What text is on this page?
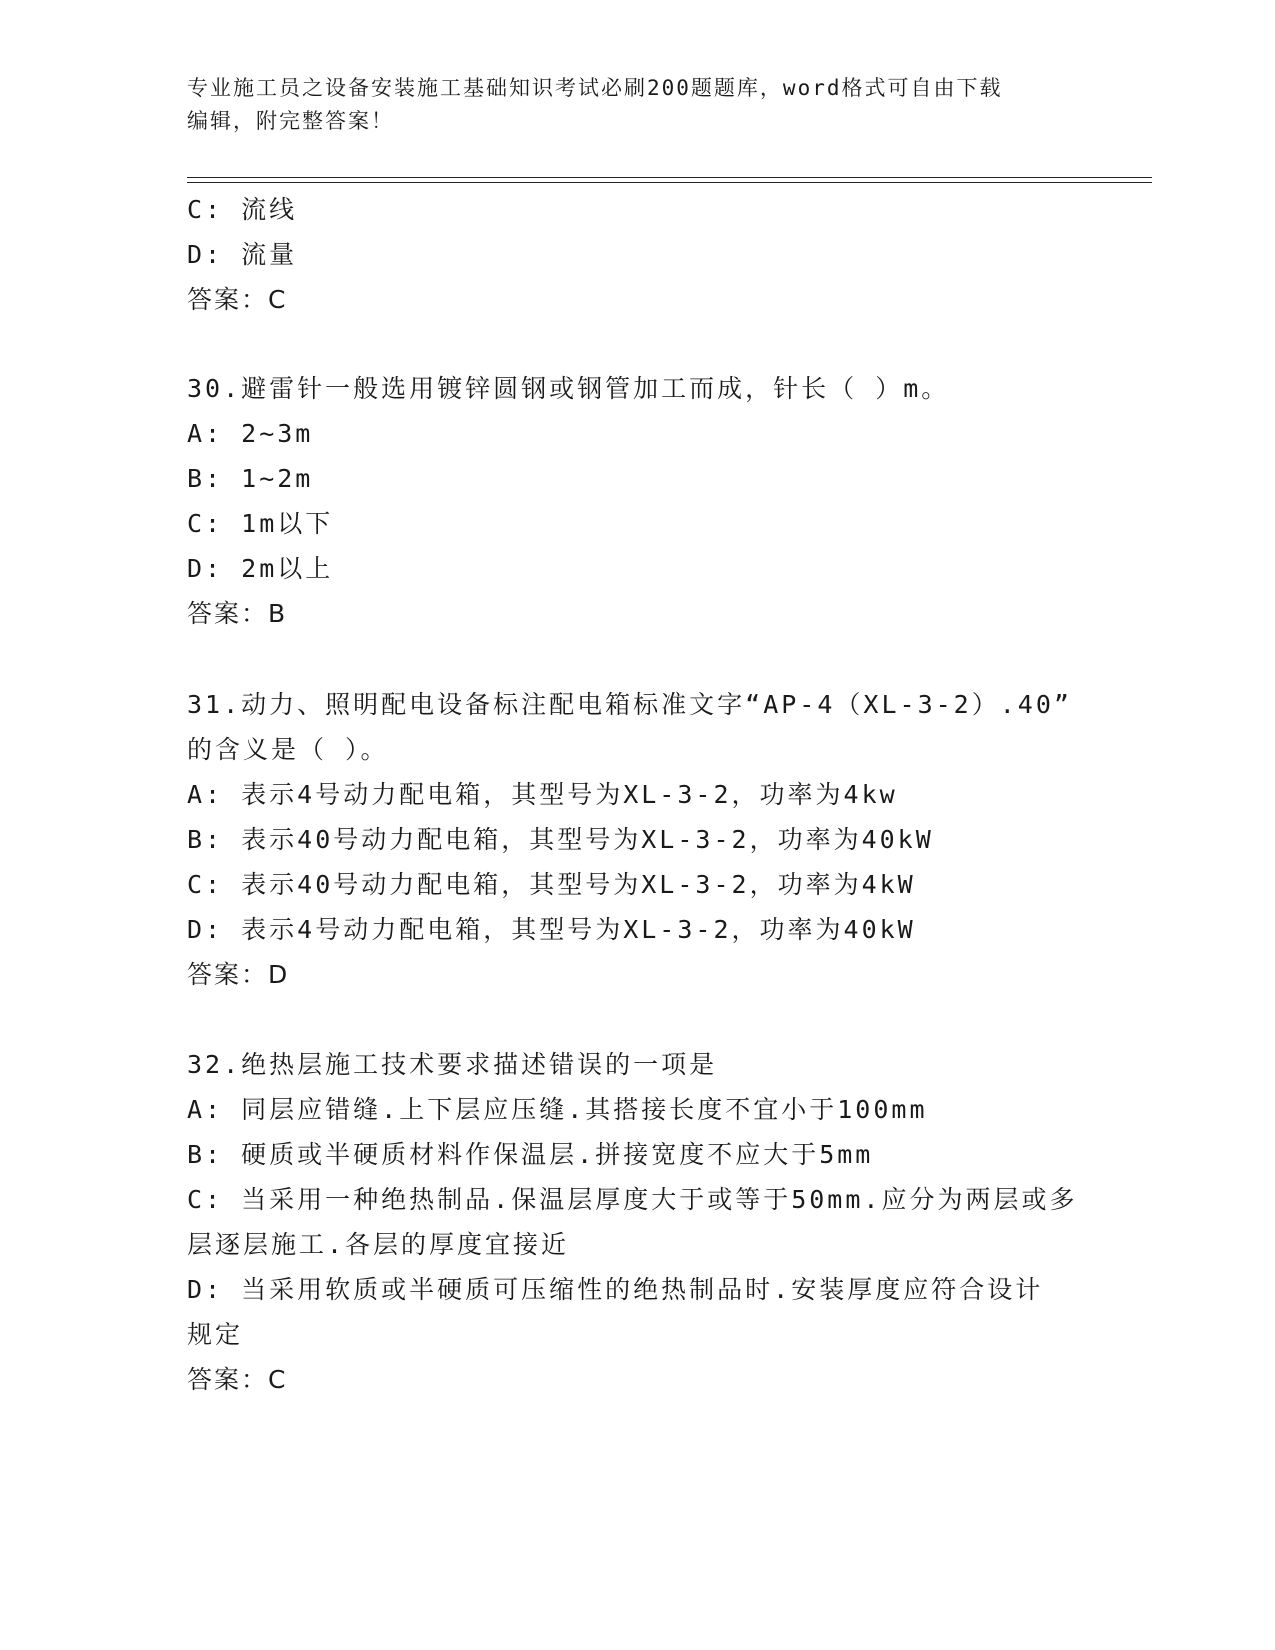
专业施工员之设备安装施工基础知识考试必刷200题题库，word格式可自由下载
编辑，附完整答案！
C: 流线
D: 流量
答案：C
30.避雷针一般选用镀锌圆钢或钢管加工而成，针长（ ）m。
A: 2~3m
B: 1~2m
C: 1m以下
D: 2m以上
答案：B
31.动力、照明配电设备标注配电箱标准文字“AP-4（XL-3-2）.40”
的含义是（ ）。
A: 表示4号动力配电箱，其型号为XL-3-2，功率为4kw
B: 表示40号动力配电箱，其型号为XL-3-2，功率为40kW
C: 表示40号动力配电箱，其型号为XL-3-2，功率为4kW
D: 表示4号动力配电箱，其型号为XL-3-2，功率为40kW
答案：D
32.绝热层施工技术要求描述错误的一项是
A: 同层应错缝.上下层应压缝.其搭接长度不宜小于100mm
B: 硬质或半硬质材料作保温层.拼接宽度不应大于5mm
C: 当采用一种绝热制品.保温层厚度大于或等于50mm.应分为两层或多
层逐层施工.各层的厚度宜接近
D: 当采用软质或半硬质可压缩性的绝热制品时.安装厚度应符合设计
规定
答案：C
